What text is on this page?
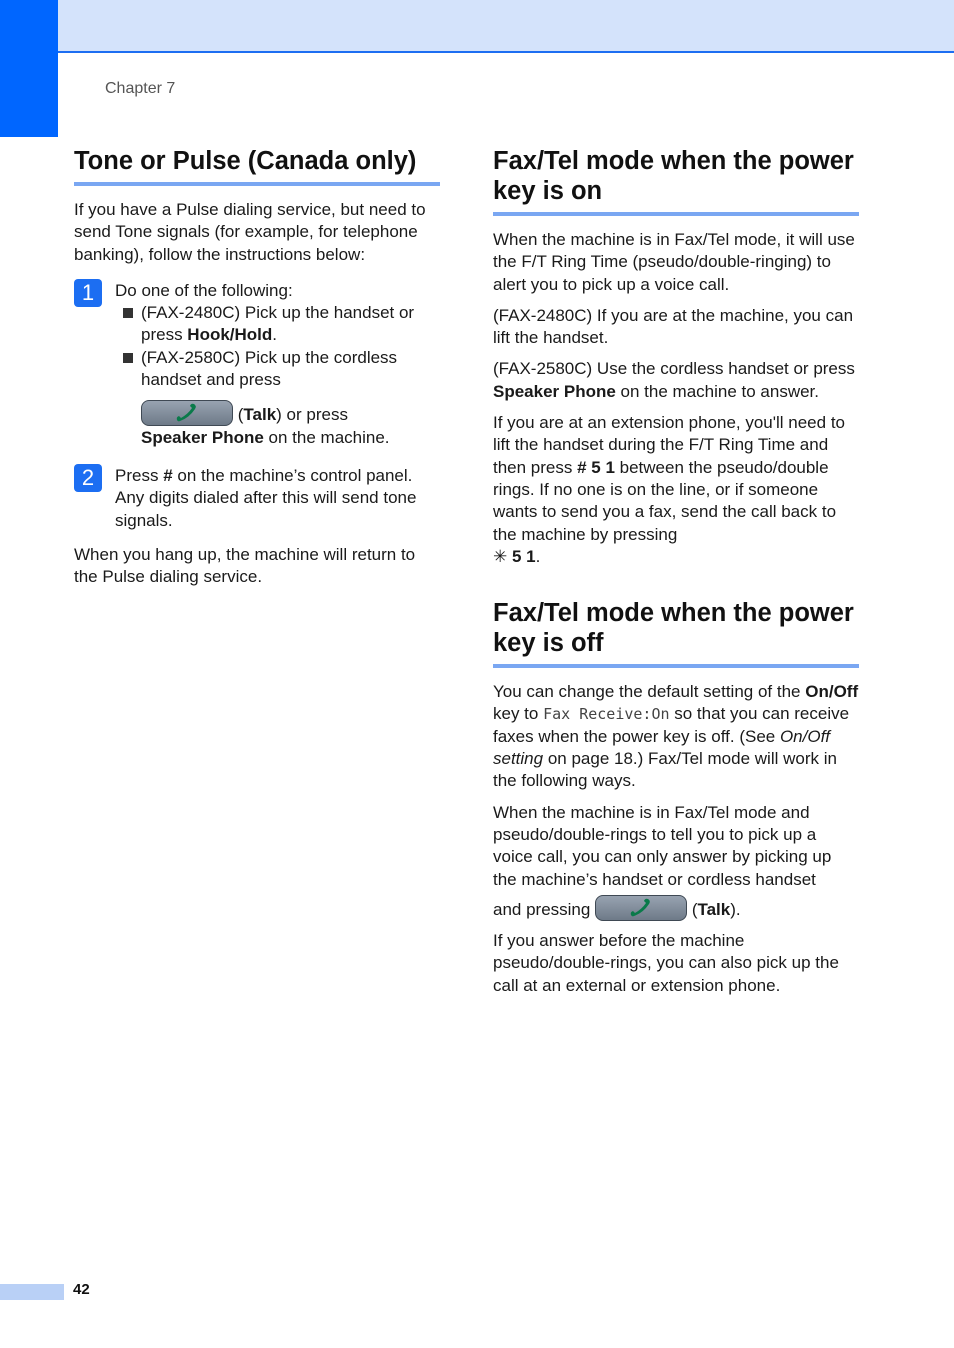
Chapter 7
Tone or Pulse (Canada only)

If you have a Pulse dialing service, but need to send Tone signals (for example, for telephone banking), follow the instructions below:

1	Do one of the following:
(FAX-2480C) Pick up the handset or press Hook/Hold.
(FAX-2580C) Pick up the cordless handset and press
(Talk) or press
Speaker Phone on the machine.
2	Press # on the machine’s control panel. Any digits dialed after this will send tone signals.

When you hang up, the machine will return to the Pulse dialing service.

Fax/Tel mode when the power key is on

When the machine is in Fax/Tel mode, it will use the F/T Ring Time (pseudo/double-ringing) to alert you to pick up a voice call.

(FAX-2480C) If you are at the machine, you can lift the handset.

(FAX-2580C) Use the cordless handset or press Speaker Phone on the machine to answer.

If you are at an extension phone, you'll need to lift the handset during the F/T Ring Time and then press # 5 1 between the pseudo/double rings. If no one is on the line, or if someone wants to send you a fax, send the call back to the machine by pressing
✳ 5 1.

Fax/Tel mode when the power key is off

You can change the default setting of the On/Off key to Fax Receive:On so that you can receive faxes when the power key is off. (See On/Off setting on page 18.) Fax/Tel mode will work in the following ways.

When the machine is in Fax/Tel mode and pseudo/double-rings to tell you to pick up a voice call, you can only answer by picking up the machine’s handset or cordless handset

and pressing	(Talk).

If you answer before the machine pseudo/double-rings, you can also pick up the call at an external or extension phone.

42
